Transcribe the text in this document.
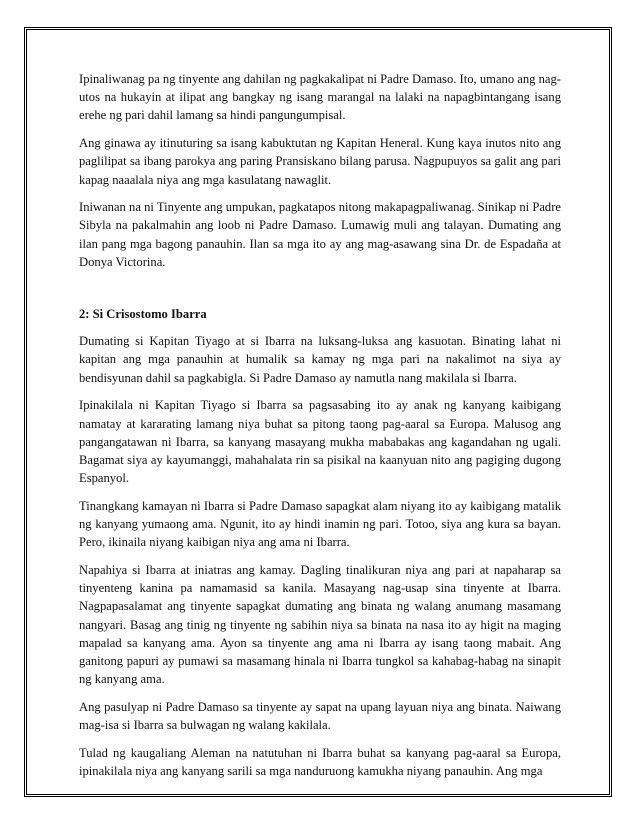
Ipinaliwanag pa ng tinyente ang dahilan ng pagkakalipat ni Padre Damaso. Ito, umano ang nag-utos na hukayin at ilipat ang bangkay ng isang marangal na lalaki na napagbintangang isang erehe ng pari dahil lamang sa hindi pangungumpisal.

Ang ginawa ay itinuturing sa isang kabuktutan ng Kapitan Heneral. Kung kaya inutos nito ang paglilipat sa ibang parokya ang paring Pransiskano bilang parusa. Nagpupuyos sa galit ang pari kapag naaalala niya ang mga kasulatang nawaglit.

Iniwanan na ni Tinyente ang umpukan, pagkatapos nitong makapagpaliwanag. Sinikap ni Padre Sibyla na pakalmahin ang loob ni Padre Damaso. Lumawig muli ang talayan. Dumating ang ilan pang mga bagong panauhin. Ilan sa mga ito ay ang mag-asawang sina Dr. de Espadaña at Donya Victorina.

2: Si Crisostomo Ibarra

Dumating si Kapitan Tiyago at si Ibarra na luksang-luksa ang kasuotan. Binating lahat ni kapitan ang mga panauhin at humalik sa kamay ng mga pari na nakalimot na siya ay bendisyunan dahil sa pagkabigla. Si Padre Damaso ay namutla nang makilala si Ibarra.

Ipinakilala ni Kapitan Tiyago si Ibarra sa pagsasabing ito ay anak ng kanyang kaibigang namatay at kararating lamang niya buhat sa pitong taong pag-aaral sa Europa. Malusog ang pangangatawan ni Ibarra, sa kanyang masayang mukha mababakas ang kagandahan ng ugali. Bagamat siya ay kayumanggi, mahahalata rin sa pisikal na kaanyuan nito ang pagiging dugong Espanyol.

Tinangkang kamayan ni Ibarra si Padre Damaso sapagkat alam niyang ito ay kaibigang matalik ng kanyang yumaong ama. Ngunit, ito ay hindi inamin ng pari. Totoo, siya ang kura sa bayan. Pero, ikinaila niyang kaibigan niya ang ama ni Ibarra.

Napahiya si Ibarra at iniatras ang kamay. Dagling tinalikuran niya ang pari at napaharap sa tinyenteng kanina pa namamasid sa kanila. Masayang nag-usap sina tinyente at Ibarra. Nagpapasalamat ang tinyente sapagkat dumating ang binata ng walang anumang masamang nangyari. Basag ang tinig ng tinyente ng sabihin niya sa binata na nasa ito ay higit na maging mapalad sa kanyang ama. Ayon sa tinyente ang ama ni Ibarra ay isang taong mabait. Ang ganitong papuri ay pumawi sa masamang hinala ni Ibarra tungkol sa kahabag-habag na sinapit ng kanyang ama.

Ang pasulyap ni Padre Damaso sa tinyente ay sapat na upang layuan niya ang binata. Naiwang mag-isa si Ibarra sa bulwagan ng walang kakilala.

Tulad ng kaugaliang Aleman na natutuhan ni Ibarra buhat sa kanyang pag-aaral sa Europa, ipinakilala niya ang kanyang sarili sa mga nanduruong kamukha niyang panauhin. Ang mga
